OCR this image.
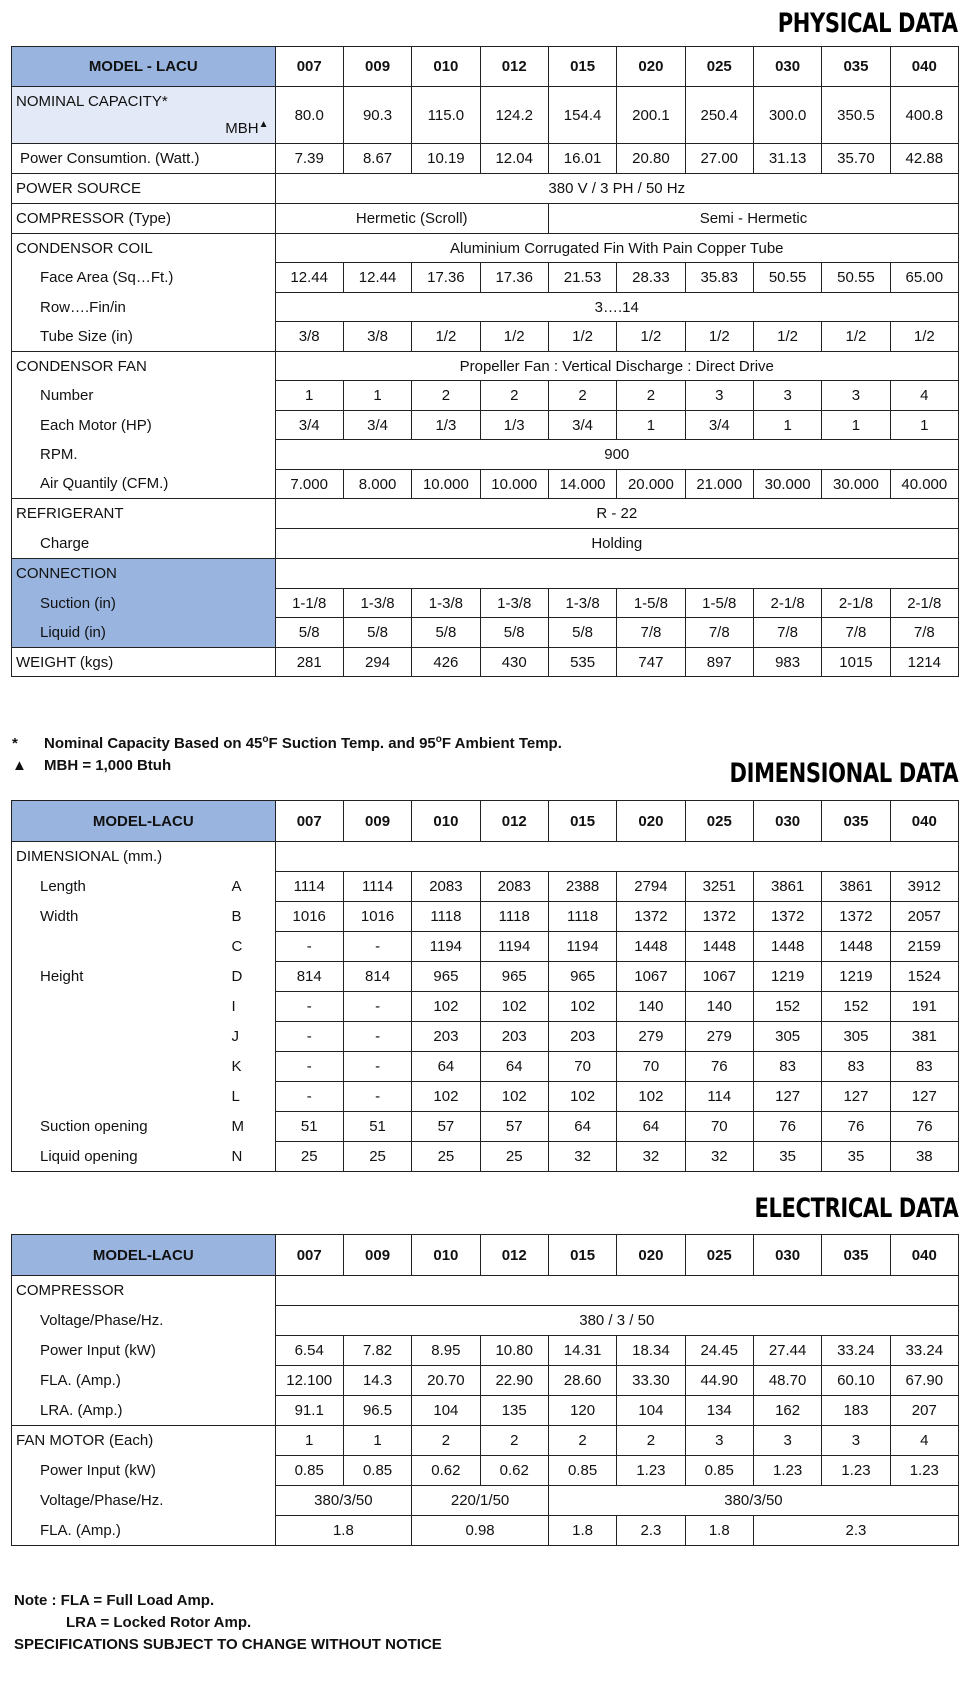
PHYSICAL DATA
MODEL - LACU	007	009	010	012	015	020	025	030	035	040

NOMINAL CAPACITY*
MBH▲	80.0	90.3	115.0	124.2	154.4	200.1	250.4	300.0	350.5	400.8
Power Consumtion. (Watt.)	7.39	8.67	10.19	12.04	16.01	20.80	27.00	31.13	35.70	42.88
POWER SOURCE	380 V / 3 PH / 50 Hz									
COMPRESSOR (Type)	Hermetic (Scroll)				Semi - Hermetic					
CONDENSOR COIL	Aluminium Corrugated Fin With Pain Copper Tube									
Face Area (Sq…Ft.)	12.44	12.44	17.36	17.36	21.53	28.33	35.83	50.55	50.55	65.00
Row….Fin/in	3….14									
Tube Size (in)	3/8	3/8	1/2	1/2	1/2	1/2	1/2	1/2	1/2	1/2
CONDENSOR FAN	Propeller Fan : Vertical Discharge : Direct Drive									
Number	1	1	2	2	2	2	3	3	3	4
Each Motor (HP)	3/4	3/4	1/3	1/3	3/4	1	3/4	1	1	1
RPM.	900									
Air Quantily (CFM.)	7.000	8.000	10.000	10.000	14.000	20.000	21.000	30.000	30.000	40.000
REFRIGERANT	R - 22									
Charge	Holding									
CONNECTION										
Suction (in)	1-1/8	1-3/8	1-3/8	1-3/8	1-3/8	1-5/8	1-5/8	2-1/8	2-1/8	2-1/8
Liquid (in)	5/8	5/8	5/8	5/8	5/8	7/8	7/8	7/8	7/8	7/8
WEIGHT (kgs)	281	294	426	430	535	747	897	983	1015	1214
*	Nominal Capacity Based on 45$^o$F Suction Temp. and 95$^o$F Ambient Temp.
▲	MBH = 1,000 Btuh	DIMENSIONAL DATA
MODEL-LACU		007	009	010	012	015	020	025	030	035	040
DIMENSIONAL (mm.)											
Length	A	1114	1114	2083	2083	2388	2794	3251	3861	3861	3912
Width	B	1016	1016	1118	1118	1118	1372	1372	1372	1372	2057
	C	-	-	1194	1194	1194	1448	1448	1448	1448	2159
Height	D	814	814	965	965	965	1067	1067	1219	1219	1524
	I	-	-	102	102	102	140	140	152	152	191
	J	-	-	203	203	203	279	279	305	305	381
	K	-	-	64	64	70	70	76	83	83	83
	L	-	-	102	102	102	102	114	127	127	127
Suction opening	M	51	51	57	57	64	64	70	76	76	76
Liquid opening	N	25	25	25	25	32	32	32	35	35	38
ELECTRICAL DATA
MODEL-LACU	007	009	010	012	015	020	025	030	035	040
COMPRESSOR										
Voltage/Phase/Hz.	380 / 3 / 50									
Power Input (kW)	6.54	7.82	8.95	10.80	14.31	18.34	24.45	27.44	33.24	33.24
FLA. (Amp.)	12.100	14.3	20.70	22.90	28.60	33.30	44.90	48.70	60.10	67.90
LRA. (Amp.)	91.1	96.5	104	135	120	104	134	162	183	207
FAN MOTOR (Each)	1	1	2	2	2	2	3	3	3	4
Power Input (kW)	0.85	0.85	0.62	0.62	0.85	1.23	0.85	1.23	1.23	1.23
Voltage/Phase/Hz.	380/3/50		220/1/50		380/3/50					
FLA. (Amp.)	1.8		0.98		1.8	2.3	1.8	2.3		
Note : FLA = Full Load Amp.
LRA = Locked Rotor Amp.
SPECIFICATIONS SUBJECT TO CHANGE WITHOUT NOTICE
